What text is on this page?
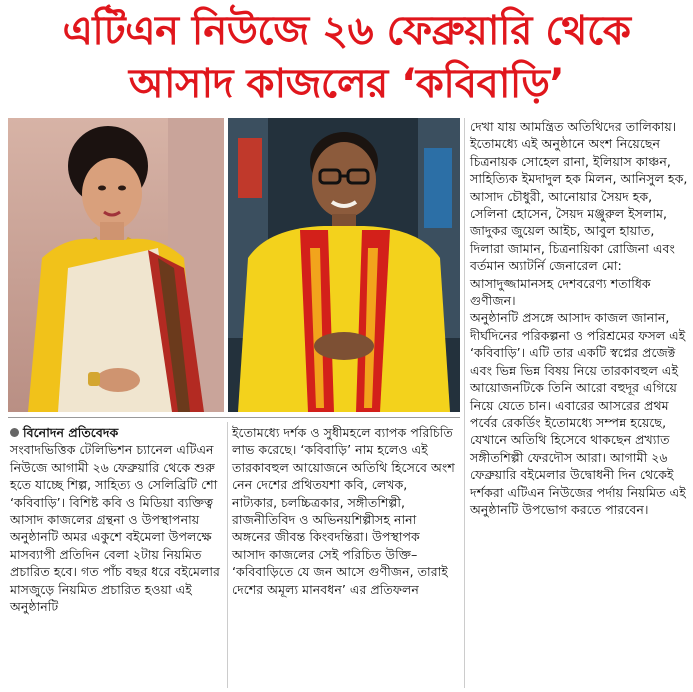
এটিএন নিউজে ২৬ ফেব্রুয়ারি থেকে
আসাদ কাজলের ‘কবিবাড়ি’
বিনোদন প্রতিবেদক

সংবাদভিত্তিক টেলিভিশন চ্যানেল এটিএন নিউজে আগামী ২৬ ফেব্রুয়ারি থেকে শুরু হতে যাচ্ছে শিল্প, সাহিত্য ও সেলিব্রিটি শো ‘কবিবাড়ি’। বিশিষ্ট কবি ও মিডিয়া ব্যক্তিত্ব আসাদ কাজলের গ্রন্থনা ও উপস্থাপনায় অনুষ্ঠানটি অমর একুশে বইমেলা উপলক্ষে মাসব্যাপী প্রতিদিন বেলা ২টায় নিয়মিত প্রচারিত হবে। গত পাঁচ বছর ধরে বইমেলার মাসজুড়ে নিয়মিত প্রচারিত হওয়া এই অনুষ্ঠানটি

ইতোমধ্যে দর্শক ও সুধীমহলে ব্যাপক পরিচিতি লাভ করেছে। ‘কবিবাড়ি’ নাম হলেও এই তারকাবহুল আয়োজনে অতিথি হিসেবে অংশ নেন দেশের প্রথিতযশা কবি, লেখক, নাট্যকার, চলচ্চিত্রকার, সঙ্গীতশিল্পী, রাজনীতিবিদ ও অভিনয়শিল্পীসহ নানা অঙ্গনের জীবন্ত কিংবদন্তিরা। উপস্থাপক আসাদ কাজলের সেই পরিচিত উক্তি– ‘কবিবাড়িতে যে জন আসে গুণীজন, তারাই দেশের অমূল্য মানবধন’ এর প্রতিফলন

দেখা যায় আমন্ত্রিত অতিথিদের তালিকায়। ইতোমধ্যে এই অনুষ্ঠানে অংশ নিয়েছেন চিত্রনায়ক সোহেল রানা, ইলিয়াস কাঞ্চন, সাহিত্যিক ইমদাদুল হক মিলন, আনিসুল হক, আসাদ চৌধুরী, আনোয়ার সৈয়দ হক, সেলিনা হোসেন, সৈয়দ মঞ্জুরুল ইসলাম, জাদুকর জুয়েল আইচ, আবুল হায়াত, দিলারা জামান, চিত্রনায়িকা রোজিনা এবং বর্তমান অ্যাটর্নি জেনারেল মো: আসাদুজ্জামানসহ দেশবরেণ্য শতাধিক গুণীজন।

অনুষ্ঠানটি প্রসঙ্গে আসাদ কাজল জানান, দীর্ঘদিনের পরিকল্পনা ও পরিশ্রমের ফসল এই ‘কবিবাড়ি’। এটি তার একটি স্বপ্নের প্রজেক্ট এবং ভিন্ন ভিন্ন বিষয় নিয়ে তারকাবহুল এই আয়োজনটিকে তিনি আরো বহুদূর এগিয়ে নিয়ে যেতে চান। এবারের আসরের প্রথম পর্বের রেকর্ডিং ইতোমধ্যে সম্পন্ন হয়েছে, যেখানে অতিথি হিসেবে থাকছেন প্রখ্যাত সঙ্গীতশিল্পী ফেরদৌস আরা। আগামী ২৬ ফেব্রুয়ারি বইমেলার উদ্বোধনী দিন থেকেই দর্শকরা এটিএন নিউজের পর্দায় নিয়মিত এই অনুষ্ঠানটি উপভোগ করতে পারবেন।
